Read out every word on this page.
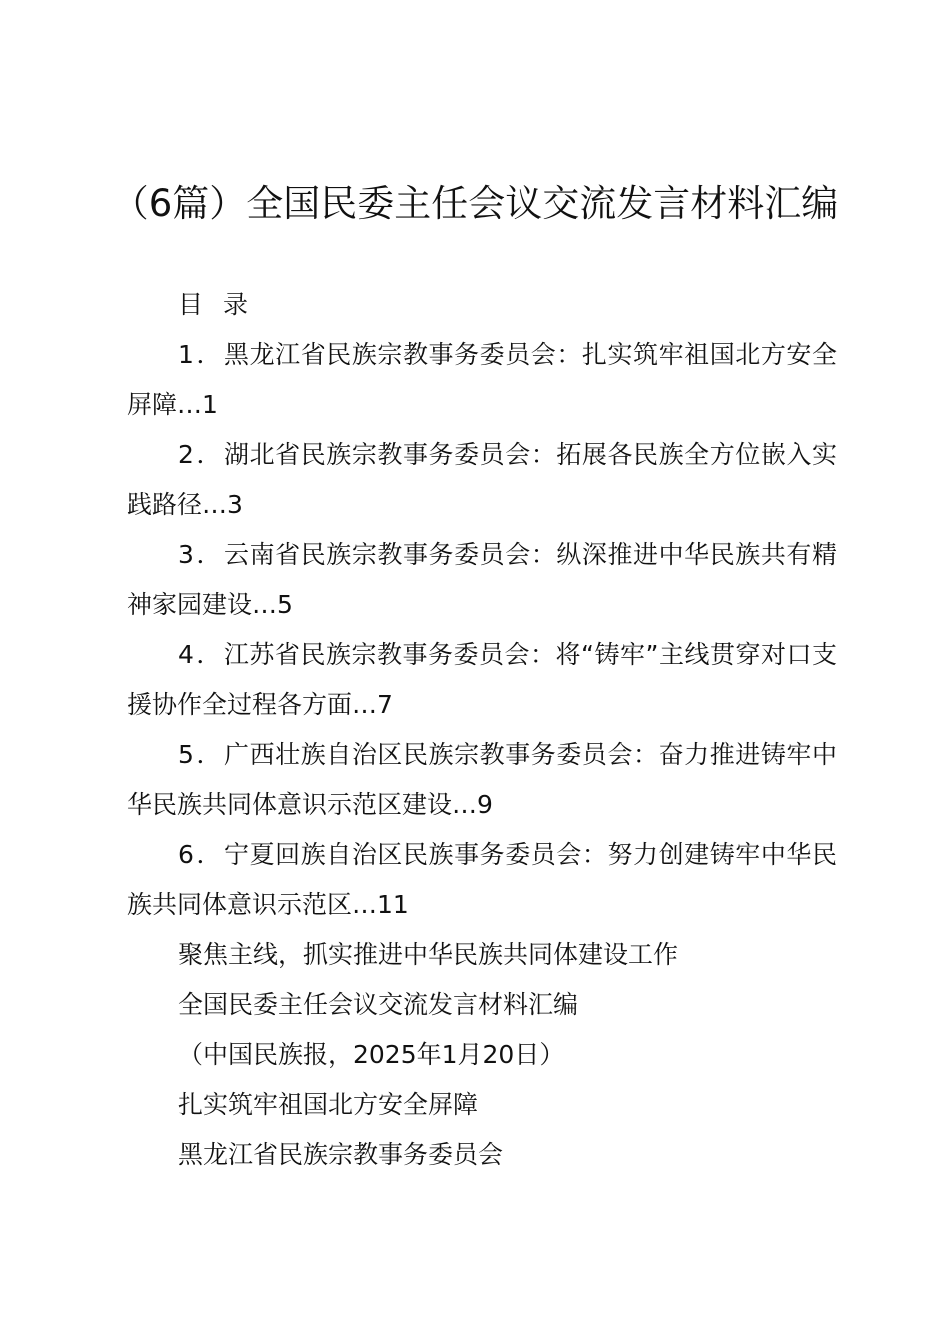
（6篇）全国民委主任会议交流发言材料汇编
目 录
1．黑龙江省民族宗教事务委员会：扎实筑牢祖国北方安全屏障…1
2．湖北省民族宗教事务委员会：拓展各民族全方位嵌入实践路径…3
3．云南省民族宗教事务委员会：纵深推进中华民族共有精神家园建设…5
4．江苏省民族宗教事务委员会：将“铸牢”主线贯穿对口支援协作全过程各方面…7
5．广西壮族自治区民族宗教事务委员会：奋力推进铸牢中华民族共同体意识示范区建设…9
6．宁夏回族自治区民族事务委员会：努力创建铸牢中华民族共同体意识示范区…11
聚焦主线，抓实推进中华民族共同体建设工作
全国民委主任会议交流发言材料汇编
（中国民族报，2025年1月20日）
扎实筑牢祖国北方安全屏障
黑龙江省民族宗教事务委员会
